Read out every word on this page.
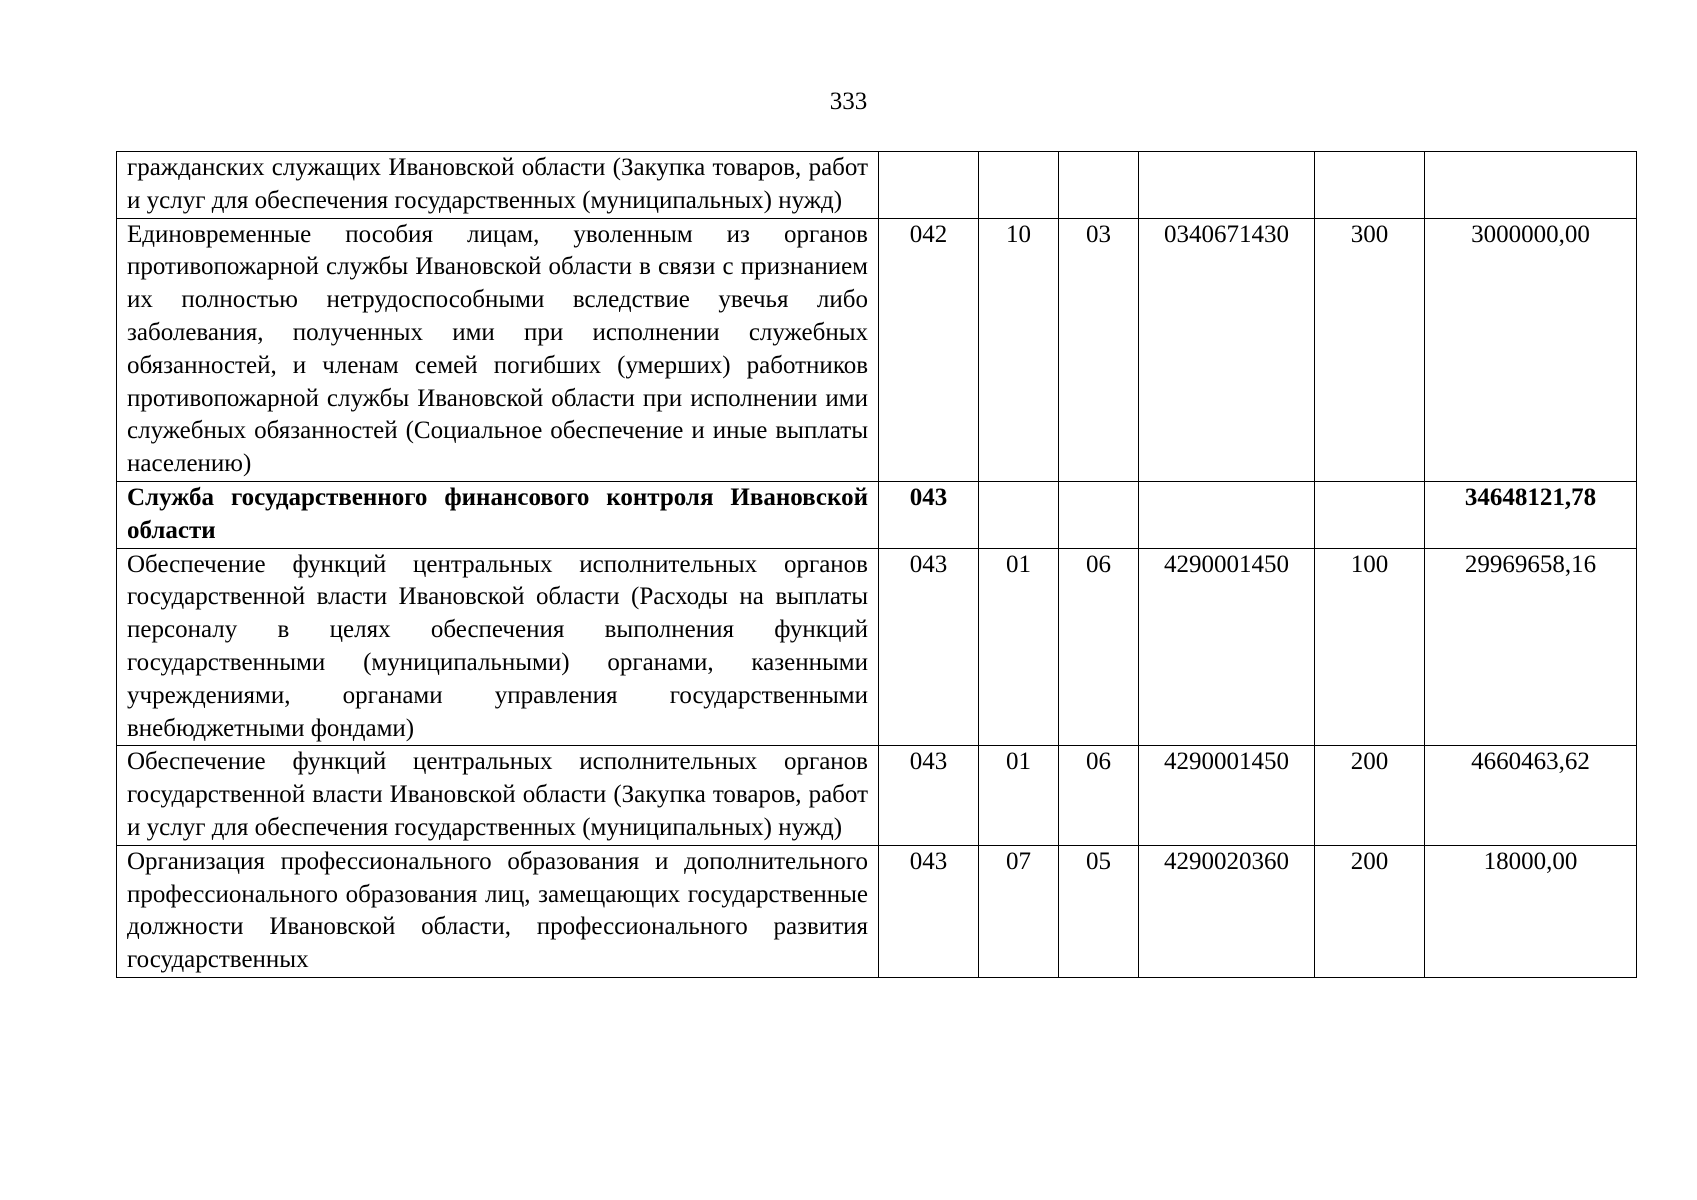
333
гражданских служащих Ивановской области (Закупка товаров, работ и услуг для обеспечения государственных (муниципальных) нужд)						
Единовременные пособия лицам, уволенным из органов противопожарной службы Ивановской области в связи с признанием их полностью нетрудоспособными вследствие увечья либо заболевания, полученных ими при исполнении служебных обязанностей, и членам семей погибших (умерших) работников противопожарной службы Ивановской области при исполнении ими служебных обязанностей (Социальное обеспечение и иные выплаты населению)	042	10	03	0340671430	300	3000000,00
Служба государственного финансового контроля Ивановской области	043					34648121,78
Обеспечение функций центральных исполнительных органов государственной власти Ивановской области (Расходы на выплаты персоналу в целях обеспечения выполнения функций государственными (муниципальными) органами, казенными учреждениями, органами управления государственными внебюджетными фондами)	043	01	06	4290001450	100	29969658,16
Обеспечение функций центральных исполнительных органов государственной власти Ивановской области (Закупка товаров, работ и услуг для обеспечения государственных (муниципальных) нужд)	043	01	06	4290001450	200	4660463,62
Организация профессионального образования и дополнительного профессионального образования лиц, замещающих государственные должности Ивановской области, профессионального развития государственных	043	07	05	4290020360	200	18000,00
